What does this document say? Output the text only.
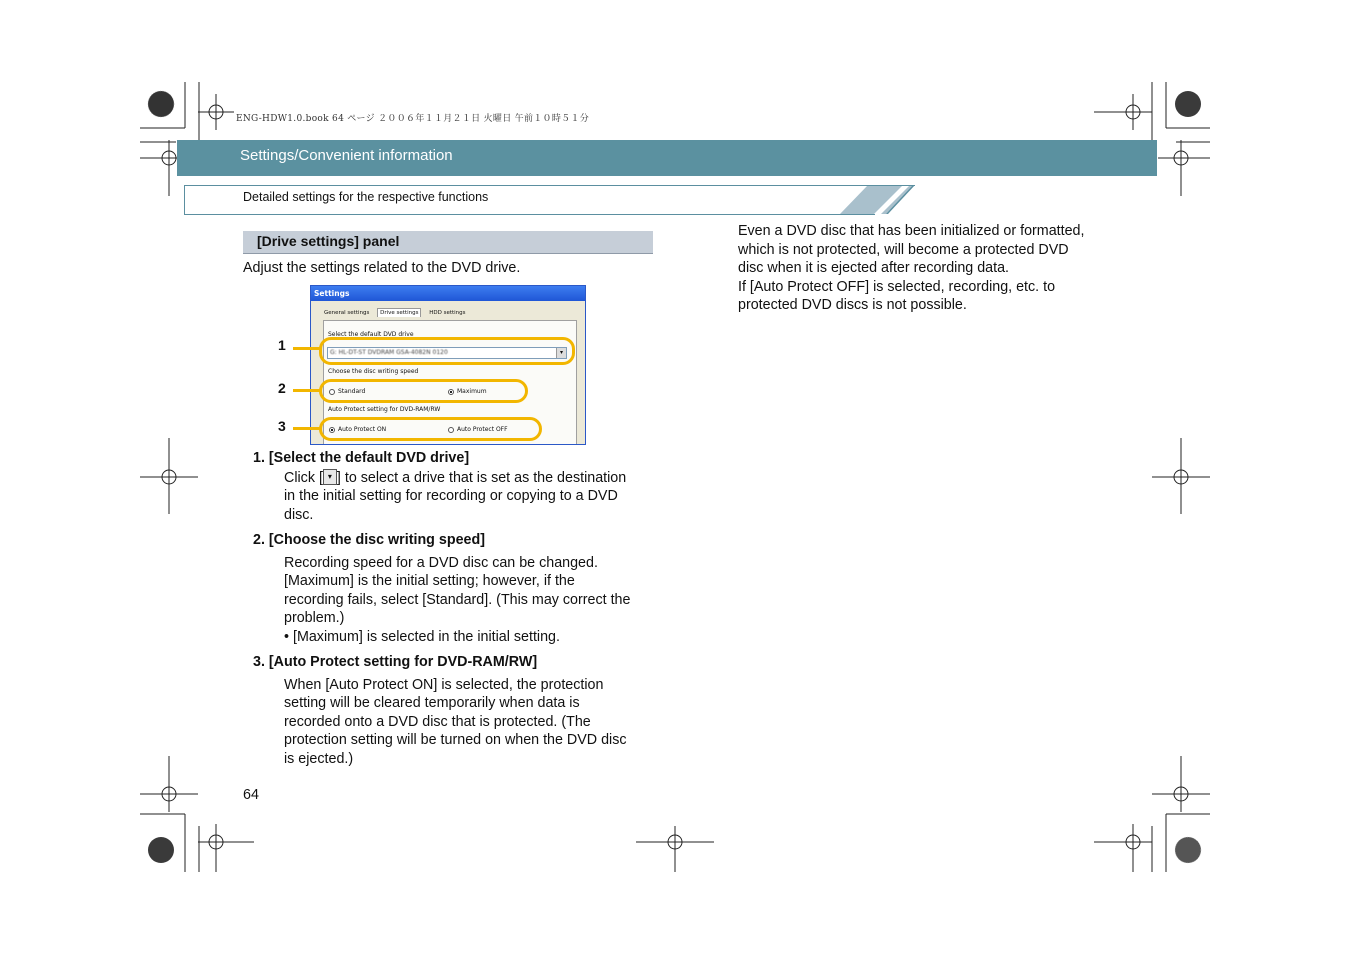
ENG-HDW1.0.book 64 ページ ２００６年１１月２１日 火曜日 午前１０時５１分
Settings/Convenient information
Detailed settings for the respective functions
[Drive settings] panel
Adjust the settings related to the DVD drive.
Settings
General settings Drive settings HDD settings
Select the default DVD drive
G: HL-DT-ST DVDRAM GSA-4082N 0120	▾
Choose the disc writing speed
Standard	Maximum
Auto Protect setting for DVD-RAM/RW
Auto Protect ON	Auto Protect OFF
1
2
3
1. [Select the default DVD drive]
Click [ ▾ ] to select a drive that is set as the destination
in the initial setting for recording or copying to a DVD
disc.
2. [Choose the disc writing speed]
Recording speed for a DVD disc can be changed.
[Maximum] is the initial setting; however, if the
recording fails, select [Standard]. (This may correct the
problem.)
• [Maximum] is selected in the initial setting.
3. [Auto Protect setting for DVD-RAM/RW]
When [Auto Protect ON] is selected, the protection
setting will be cleared temporarily when data is
recorded onto a DVD disc that is protected. (The
protection setting will be turned on when the DVD disc
is ejected.)
Even a DVD disc that has been initialized or formatted,
which is not protected, will become a protected DVD
disc when it is ejected after recording data.
If [Auto Protect OFF] is selected, recording, etc. to
protected DVD discs is not possible.
64
